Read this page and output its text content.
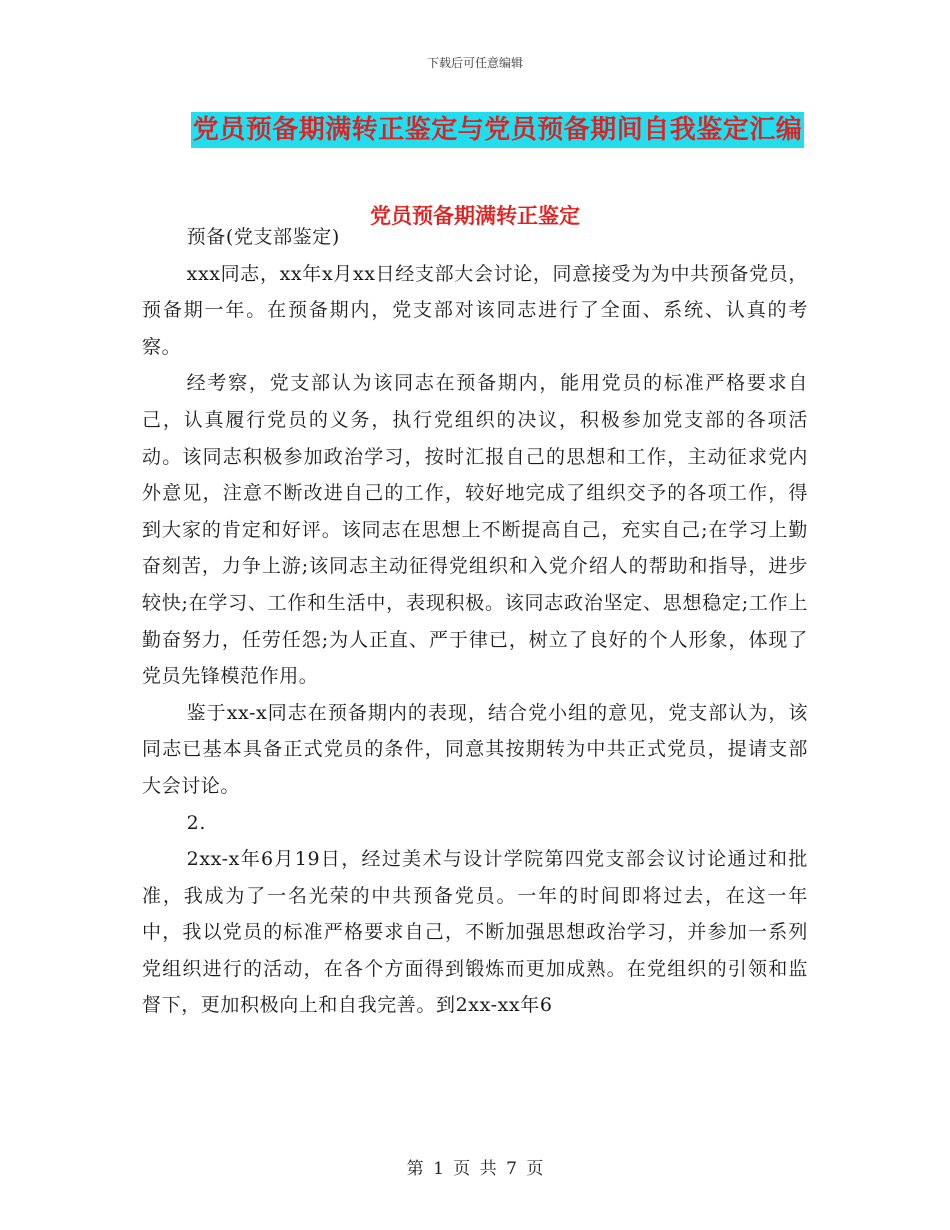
下载后可任意编辑
党员预备期满转正鉴定与党员预备期间自我鉴定汇编
党员预备期满转正鉴定

预备(党支部鉴定)

xxx同志，xx年x月xx日经支部大会讨论，同意接受为为中共预备党员，预备期一年。在预备期内，党支部对该同志进行了全面、系统、认真的考察。

经考察，党支部认为该同志在预备期内，能用党员的标准严格要求自己，认真履行党员的义务，执行党组织的决议，积极参加党支部的各项活动。该同志积极参加政治学习，按时汇报自己的思想和工作，主动征求党内外意见，注意不断改进自己的工作，较好地完成了组织交予的各项工作，得到大家的肯定和好评。该同志在思想上不断提高自己，充实自己;在学习上勤奋刻苦，力争上游;该同志主动征得党组织和入党介绍人的帮助和指导，进步较快;在学习、工作和生活中，表现积极。该同志政治坚定、思想稳定;工作上勤奋努力，任劳任怨;为人正直、严于律已，树立了良好的个人形象，体现了党员先锋模范作用。

鉴于xx-x同志在预备期内的表现，结合党小组的意见，党支部认为，该同志已基本具备正式党员的条件，同意其按期转为中共正式党员，提请支部大会讨论。

2.

2xx-x年6月19日，经过美术与设计学院第四党支部会议讨论通过和批准，我成为了一名光荣的中共预备党员。一年的时间即将过去，在这一年中，我以党员的标准严格要求自己，不断加强思想政治学习，并参加一系列党组织进行的活动，在各个方面得到锻炼而更加成熟。在党组织的引领和监督下，更加积极向上和自我完善。到2xx-xx年6

第 1 页 共 7 页
